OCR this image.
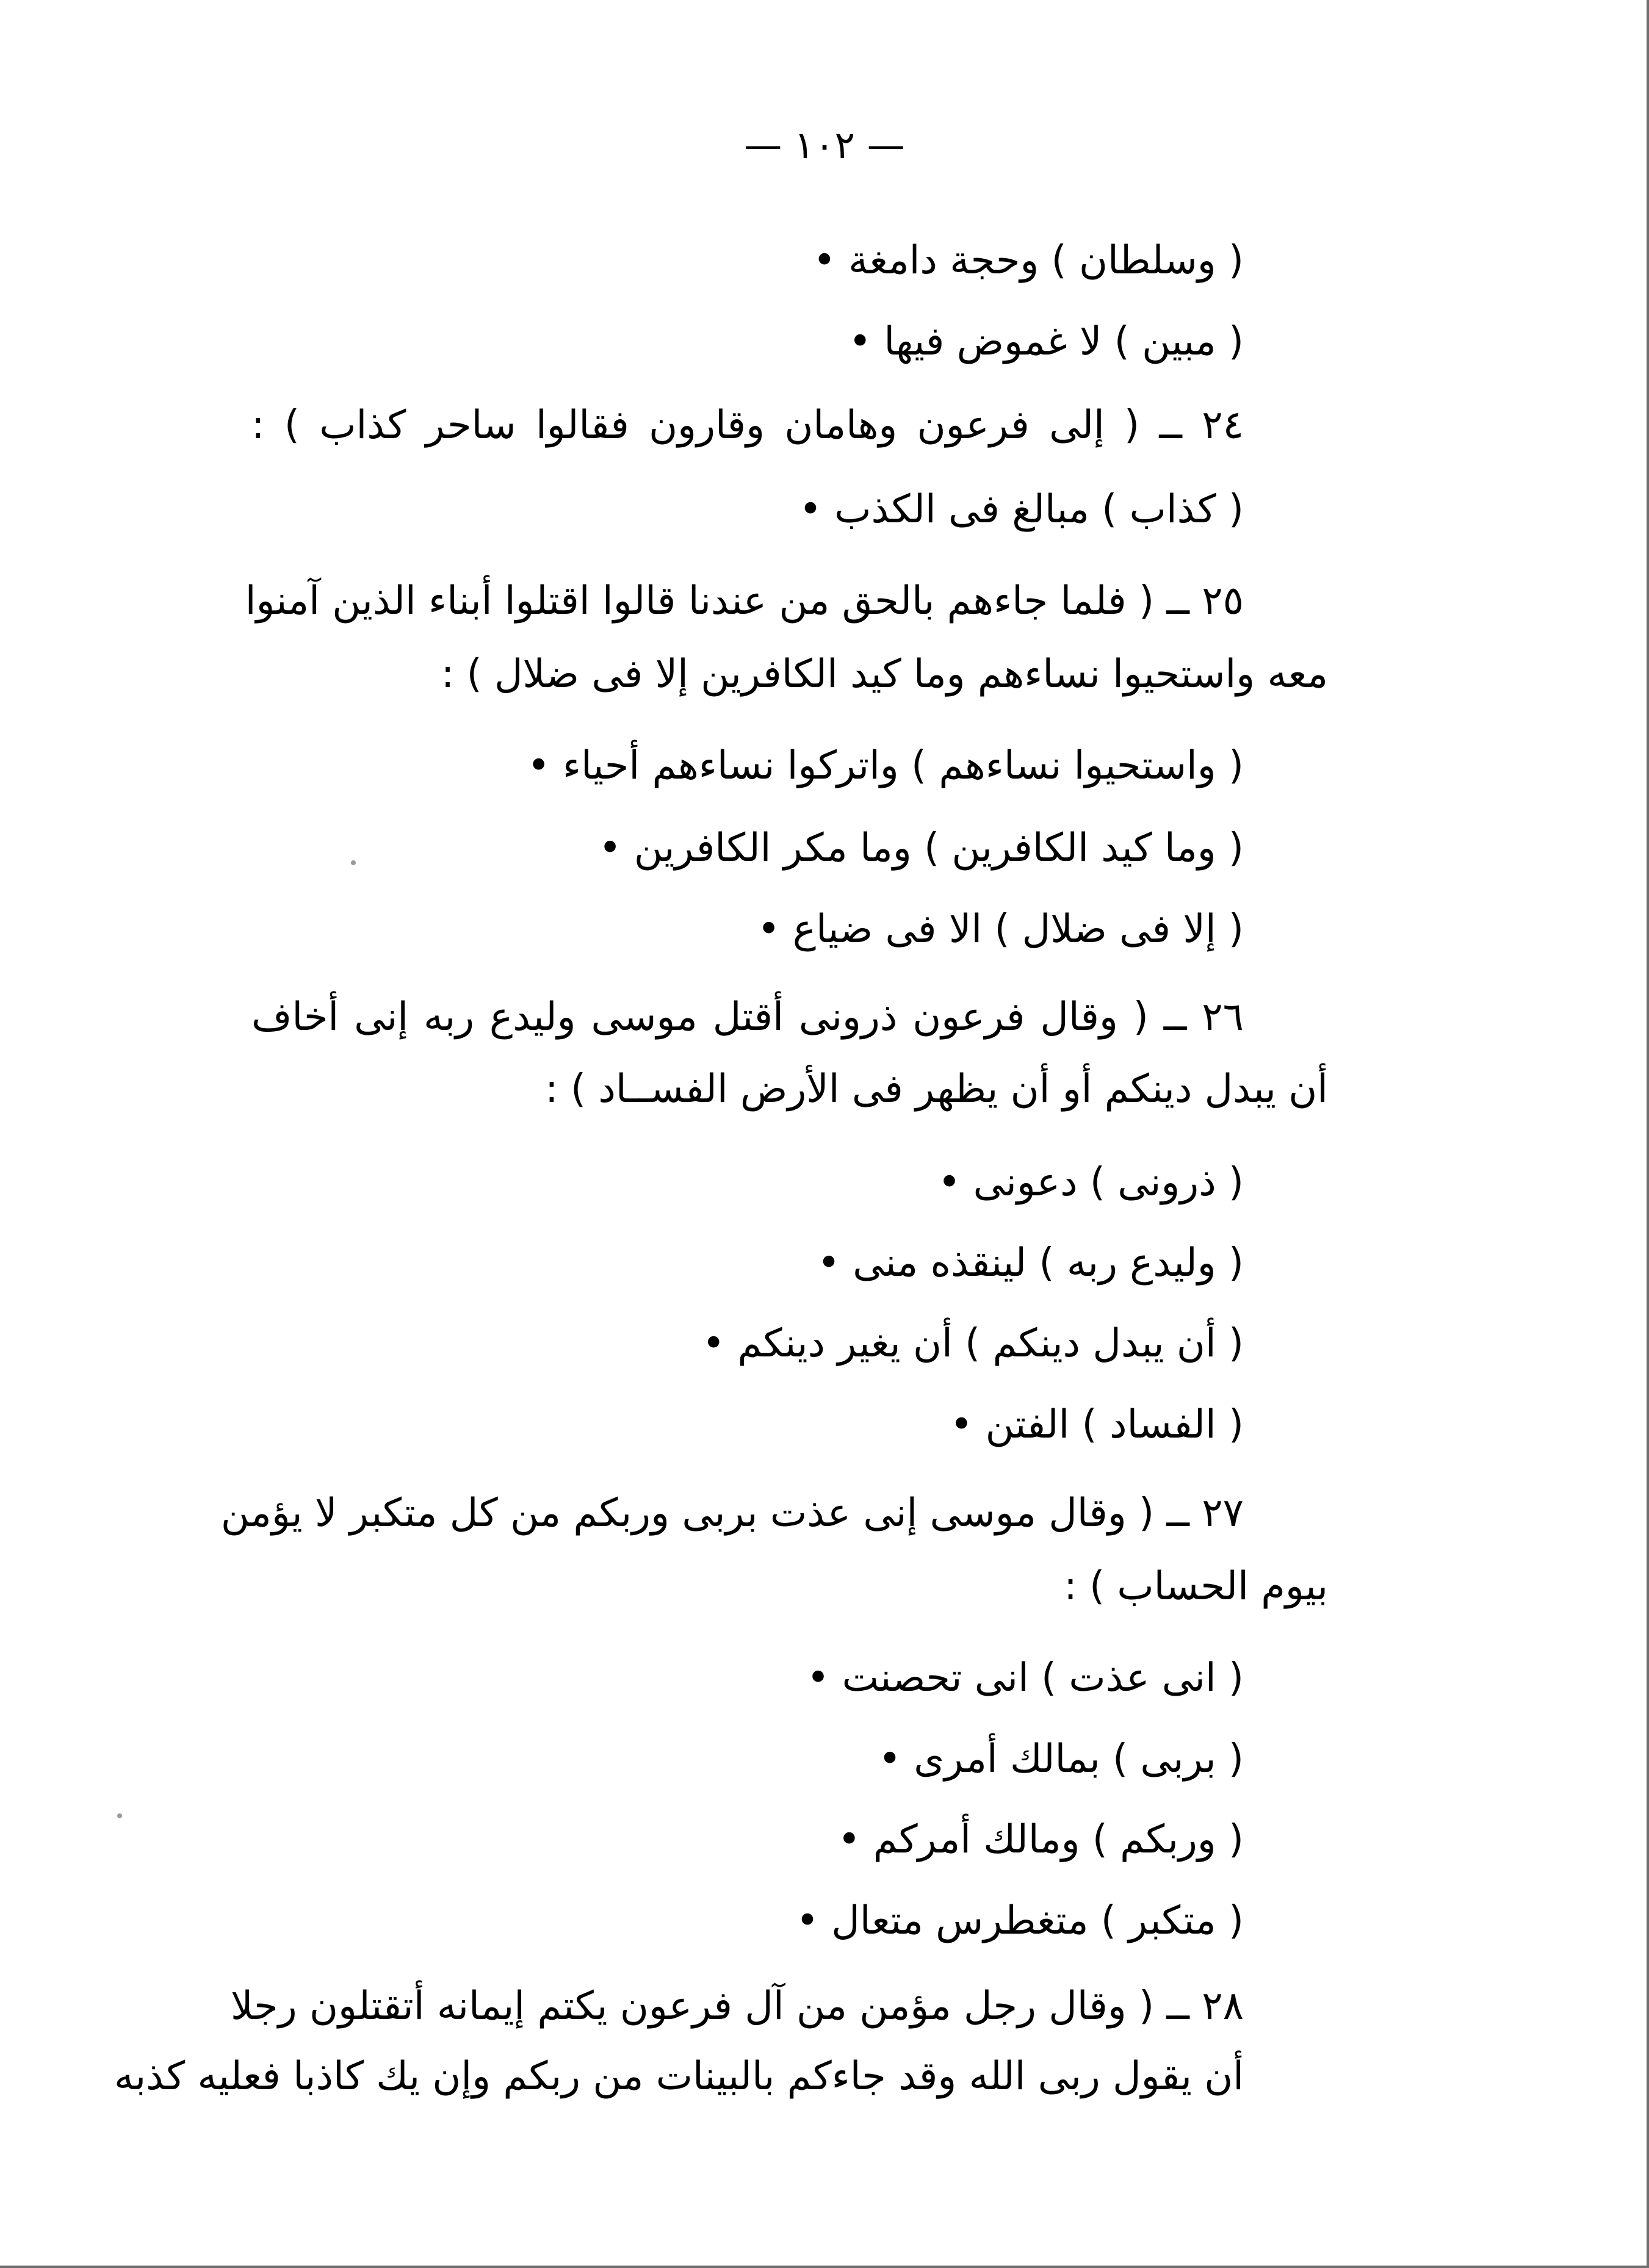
— ١٠٢ —
( وسلطان ) وحجة دامغة •
( مبين ) لا غموض فيها •
٢٤ ــ ( إلى فرعون وهامان وقارون فقالوا ساحر كذاب ) :
( كذاب ) مبالغ فى الكذب •
٢٥ ــ ( فلما جاءهم بالحق من عندنا قالوا اقتلوا أبناء الذين آمنوا
معه واستحيوا نساءهم وما كيد الكافرين إلا فى ضلال ) :
( واستحيوا نساءهم ) واتركوا نساءهم أحياء •
( وما كيد الكافرين ) وما مكر الكافرين •
( إلا فى ضلال ) الا فى ضياع •
٢٦ ــ ( وقال فرعون ذرونى أقتل موسى وليدع ربه إنى أخاف
أن يبدل دينكم أو أن يظهر فى الأرض الفســاد ) :
( ذرونى ) دعونى •
( وليدع ربه ) لينقذه منى •
( أن يبدل دينكم ) أن يغير دينكم •
( الفساد ) الفتن •
٢٧ ــ ( وقال موسى إنى عذت بربى وربكم من كل متكبر لا يؤمن
بيوم الحساب ) :
( انى عذت ) انى تحصنت •
( بربى ) بمالك أمرى •
( وربكم ) ومالك أمركم •
( متكبر ) متغطرس متعال •
٢٨ ــ ( وقال رجل مؤمن من آل فرعون يكتم إيمانه أتقتلون رجلا
أن يقول ربى الله وقد جاءكم بالبينات من ربكم وإن يك كاذبا فعليه كذبه
